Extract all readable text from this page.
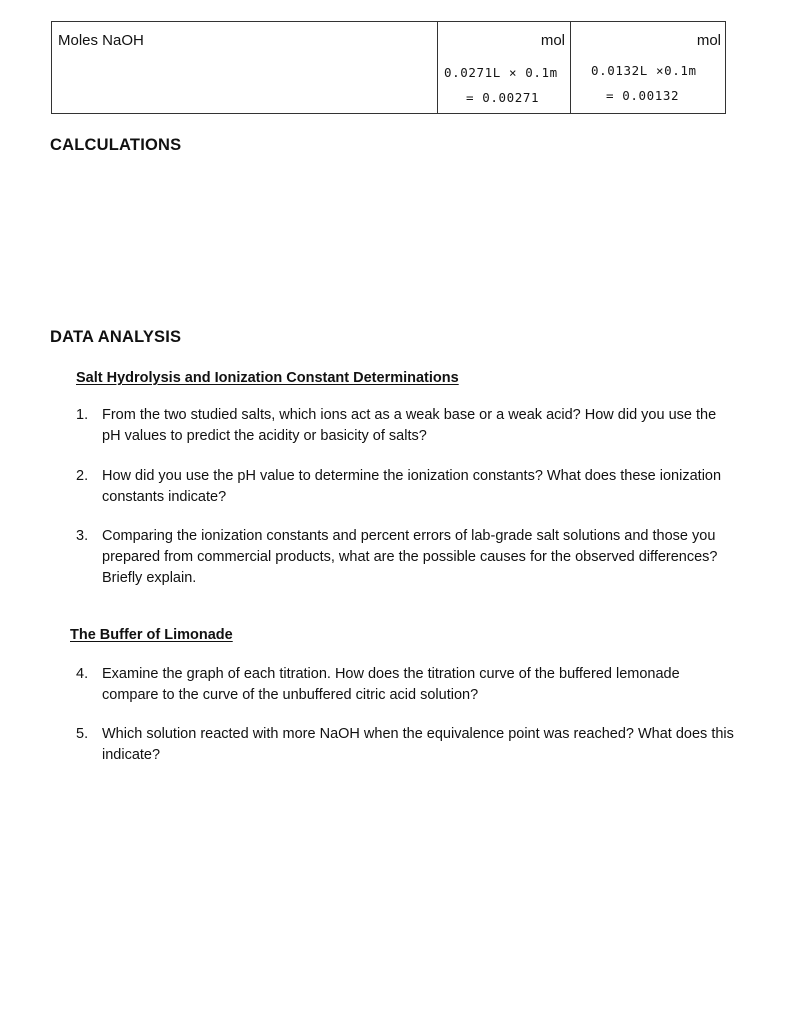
Moles NaOH	mol
0.0271L × 0.1m
= 0.00271
mol
0.0132L ×0.1m
= 0.00132
CALCULATIONS
DATA ANALYSIS
Salt Hydrolysis and Ionization Constant Determinations
1. From the two studied salts, which ions act as a weak base or a weak acid? How did you use the pH values to predict the acidity or basicity of salts?
2. How did you use the pH value to determine the ionization constants? What does these ionization constants indicate?
3. Comparing the ionization constants and percent errors of lab-grade salt solutions and those you prepared from commercial products, what are the possible causes for the observed differences? Briefly explain.
The Buffer of Limonade
4. Examine the graph of each titration. How does the titration curve of the buffered lemonade compare to the curve of the unbuffered citric acid solution?
5. Which solution reacted with more NaOH when the equivalence point was reached? What does this indicate?
